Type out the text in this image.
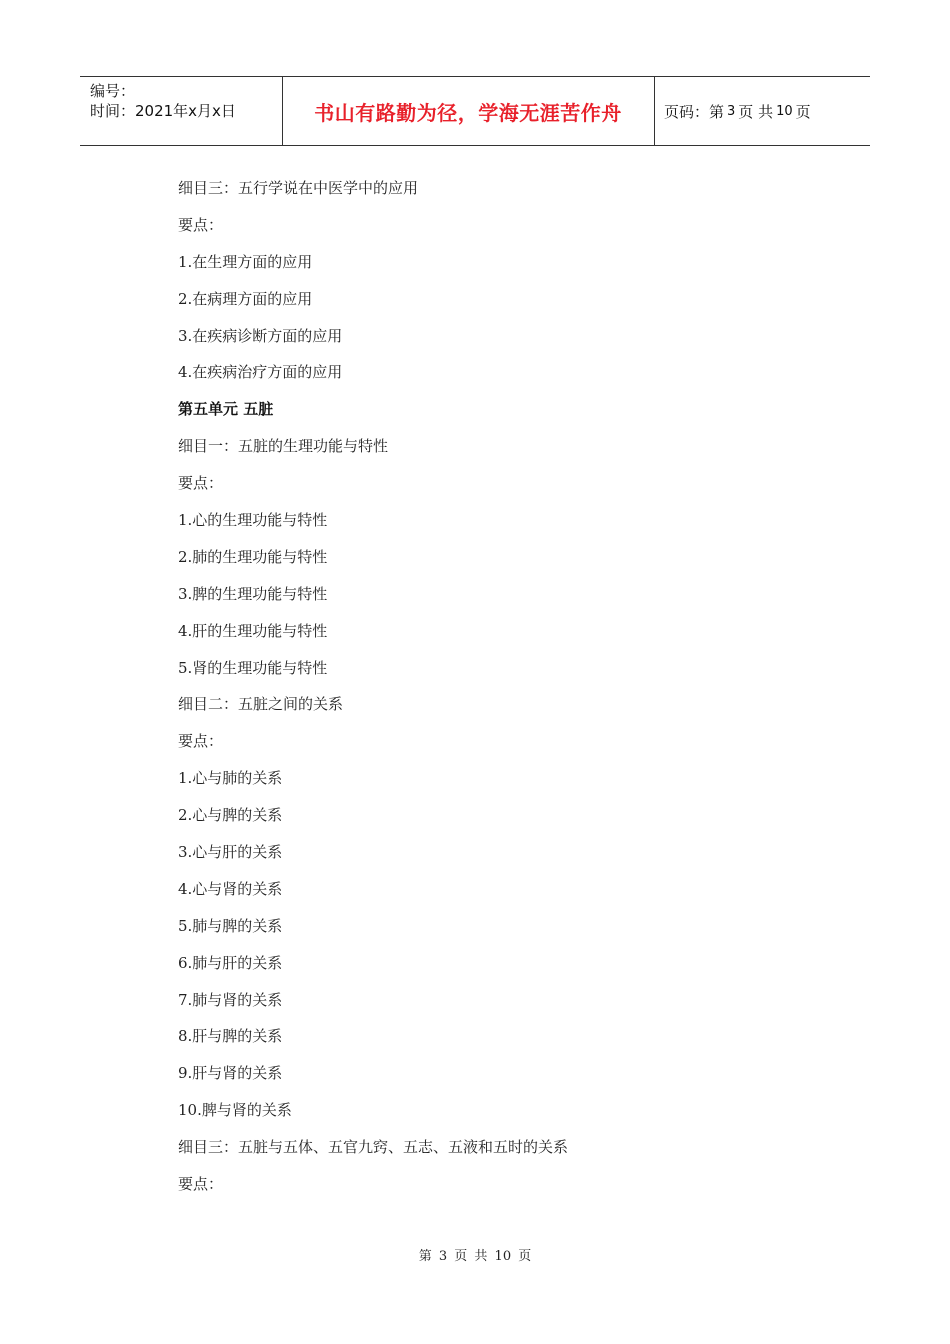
编号：
时间：2021年x月x日	书山有路勤为径，学海无涯苦作舟	页码：第 3 页 共 10 页
细目三：五行学说在中医学中的应用
要点：
1.在生理方面的应用
2.在病理方面的应用
3.在疾病诊断方面的应用
4.在疾病治疗方面的应用
第五单元 五脏
细目一：五脏的生理功能与特性
要点：
1.心的生理功能与特性
2.肺的生理功能与特性
3.脾的生理功能与特性
4.肝的生理功能与特性
5.肾的生理功能与特性
细目二：五脏之间的关系
要点：
1.心与肺的关系
2.心与脾的关系
3.心与肝的关系
4.心与肾的关系
5.肺与脾的关系
6.肺与肝的关系
7.肺与肾的关系
8.肝与脾的关系
9.肝与肾的关系
10.脾与肾的关系
细目三：五脏与五体、五官九窍、五志、五液和五时的关系
要点：
第 3 页 共 10 页
